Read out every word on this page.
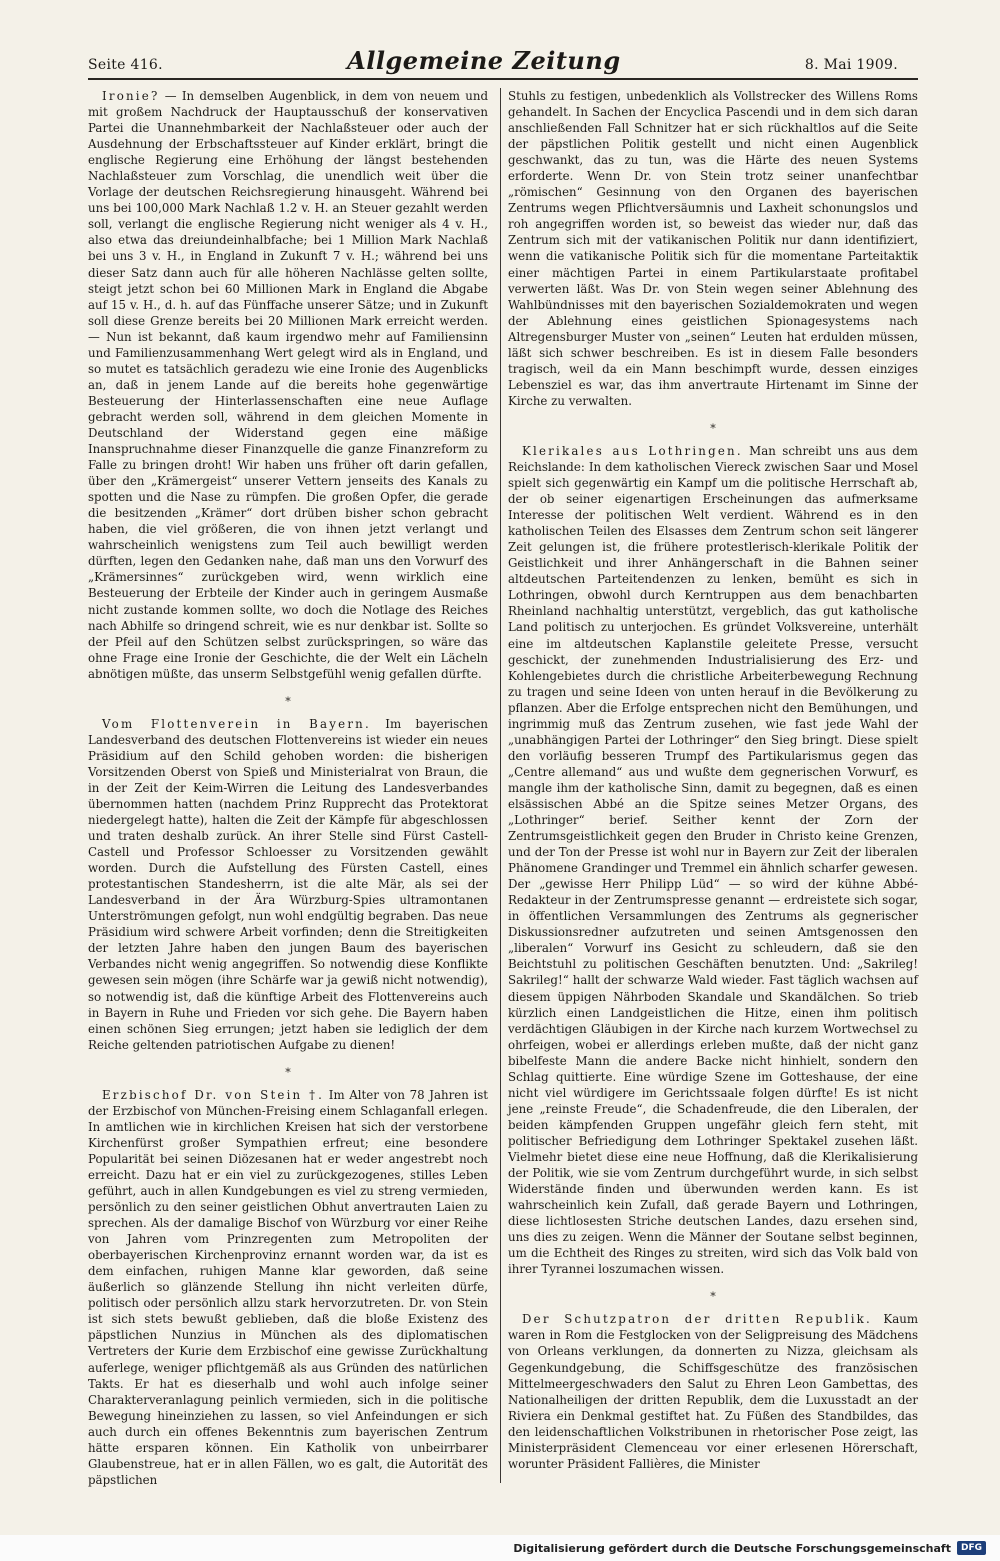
Seite 416.	Allgemeine Zeitung	8. Mai 1909.

Ironie? — In demselben Augenblick, in dem von neuem und mit großem Nachdruck der Hauptausschuß der konservativen Partei die Unannehmbarkeit der Nachlaßsteuer oder auch der Ausdehnung der Erbschaftssteuer auf Kinder erklärt, bringt die englische Regierung eine Erhöhung der längst bestehenden Nachlaßsteuer zum Vorschlag, die unendlich weit über die Vorlage der deutschen Reichsregierung hinausgeht. Während bei uns bei 100,000 Mark Nachlaß 1.2 v. H. an Steuer gezahlt werden soll, verlangt die englische Regierung nicht weniger als 4 v. H., also etwa das dreiundeinhalbfache; bei 1 Million Mark Nachlaß bei uns 3 v. H., in England in Zukunft 7 v. H.; während bei uns dieser Satz dann auch für alle höheren Nachlässe gelten sollte, steigt jetzt schon bei 60 Millionen Mark in England die Abgabe auf 15 v. H., d. h. auf das Fünffache unserer Sätze; und in Zukunft soll diese Grenze bereits bei 20 Millionen Mark erreicht werden. — Nun ist bekannt, daß kaum irgendwo mehr auf Familiensinn und Familienzusammenhang Wert gelegt wird als in England, und so mutet es tatsächlich geradezu wie eine Ironie des Augenblicks an, daß in jenem Lande auf die bereits hohe gegenwärtige Besteuerung der Hinterlassenschaften eine neue Auflage gebracht werden soll, während in dem gleichen Momente in Deutschland der Widerstand gegen eine mäßige Inanspruchnahme dieser Finanzquelle die ganze Finanzreform zu Falle zu bringen droht! Wir haben uns früher oft darin gefallen, über den „Krämergeist“ unserer Vettern jenseits des Kanals zu spotten und die Nase zu rümpfen. Die großen Opfer, die gerade die besitzenden „Krämer“ dort drüben bisher schon gebracht haben, die viel größeren, die von ihnen jetzt verlangt und wahrscheinlich wenigstens zum Teil auch bewilligt werden dürften, legen den Gedanken nahe, daß man uns den Vorwurf des „Krämersinnes“ zurückgeben wird, wenn wirklich eine Besteuerung der Erbteile der Kinder auch in geringem Ausmaße nicht zustande kommen sollte, wo doch die Notlage des Reiches nach Abhilfe so dringend schreit, wie es nur denkbar ist. Sollte so der Pfeil auf den Schützen selbst zurückspringen, so wäre das ohne Frage eine Ironie der Geschichte, die der Welt ein Lächeln abnötigen müßte, das unserm Selbstgefühl wenig gefallen dürfte.

*

Vom Flottenverein in Bayern. Im bayerischen Landesverband des deutschen Flottenvereins ist wieder ein neues Präsidium auf den Schild gehoben worden: die bisherigen Vorsitzenden Oberst von Spieß und Ministerialrat von Braun, die in der Zeit der Keim-Wirren die Leitung des Landesverbandes übernommen hatten (nachdem Prinz Rupprecht das Protektorat niedergelegt hatte), halten die Zeit der Kämpfe für abgeschlossen und traten deshalb zurück. An ihrer Stelle sind Fürst Castell-Castell und Professor Schloesser zu Vorsitzenden gewählt worden. Durch die Aufstellung des Fürsten Castell, eines protestantischen Standesherrn, ist die alte Mär, als sei der Landesverband in der Ära Würzburg-Spies ultramontanen Unterströmungen gefolgt, nun wohl endgültig begraben. Das neue Präsidium wird schwere Arbeit vorfinden; denn die Streitigkeiten der letzten Jahre haben den jungen Baum des bayerischen Verbandes nicht wenig angegriffen. So notwendig diese Konflikte gewesen sein mögen (ihre Schärfe war ja gewiß nicht notwendig), so notwendig ist, daß die künftige Arbeit des Flottenvereins auch in Bayern in Ruhe und Frieden vor sich gehe. Die Bayern haben einen schönen Sieg errungen; jetzt haben sie lediglich der dem Reiche geltenden patriotischen Aufgabe zu dienen!

*

Erzbischof Dr. von Stein †. Im Alter von 78 Jahren ist der Erzbischof von München-Freising einem Schlaganfall erlegen. In amtlichen wie in kirchlichen Kreisen hat sich der verstorbene Kirchenfürst großer Sympathien erfreut; eine besondere Popularität bei seinen Diözesanen hat er weder angestrebt noch erreicht. Dazu hat er ein viel zu zurückgezogenes, stilles Leben geführt, auch in allen Kundgebungen es viel zu streng vermieden, persönlich zu den seiner geistlichen Obhut anvertrauten Laien zu sprechen. Als der damalige Bischof von Würzburg vor einer Reihe von Jahren vom Prinzregenten zum Metropoliten der oberbayerischen Kirchenprovinz ernannt worden war, da ist es dem einfachen, ruhigen Manne klar geworden, daß seine äußerlich so glänzende Stellung ihn nicht verleiten dürfe, politisch oder persönlich allzu stark hervorzutreten. Dr. von Stein ist sich stets bewußt geblieben, daß die bloße Existenz des päpstlichen Nunzius in München als des diplomatischen Vertreters der Kurie dem Erzbischof eine gewisse Zurückhaltung auferlege, weniger pflichtgemäß als aus Gründen des natürlichen Takts. Er hat es dieserhalb und wohl auch infolge seiner Charakterveranlagung peinlich vermieden, sich in die politische Bewegung hineinziehen zu lassen, so viel Anfeindungen er sich auch durch ein offenes Bekenntnis zum bayerischen Zentrum hätte ersparen können. Ein Katholik von unbeirrbarer Glaubenstreue, hat er in allen Fällen, wo es galt, die Autorität des päpstlichen

Stuhls zu festigen, unbedenklich als Vollstrecker des Willens Roms gehandelt. In Sachen der Encyclica Pascendi und in dem sich daran anschließenden Fall Schnitzer hat er sich rückhaltlos auf die Seite der päpstlichen Politik gestellt und nicht einen Augenblick geschwankt, das zu tun, was die Härte des neuen Systems erforderte. Wenn Dr. von Stein trotz seiner unanfechtbar „römischen“ Gesinnung von den Organen des bayerischen Zentrums wegen Pflichtversäumnis und Laxheit schonungslos und roh angegriffen worden ist, so beweist das wieder nur, daß das Zentrum sich mit der vatikanischen Politik nur dann identifiziert, wenn die vatikanische Politik sich für die momentane Parteitaktik einer mächtigen Partei in einem Partikularstaate profitabel verwerten läßt. Was Dr. von Stein wegen seiner Ablehnung des Wahlbündnisses mit den bayerischen Sozialdemokraten und wegen der Ablehnung eines geistlichen Spionagesystems nach Altregensburger Muster von „seinen“ Leuten hat erdulden müssen, läßt sich schwer beschreiben. Es ist in diesem Falle besonders tragisch, weil da ein Mann beschimpft wurde, dessen einziges Lebensziel es war, das ihm anvertraute Hirtenamt im Sinne der Kirche zu verwalten.

*

Klerikales aus Lothringen. Man schreibt uns aus dem Reichslande: In dem katholischen Viereck zwischen Saar und Mosel spielt sich gegenwärtig ein Kampf um die politische Herrschaft ab, der ob seiner eigenartigen Erscheinungen das aufmerksame Interesse der politischen Welt verdient. Während es in den katholischen Teilen des Elsasses dem Zentrum schon seit längerer Zeit gelungen ist, die frühere protestlerisch-klerikale Politik der Geistlichkeit und ihrer Anhängerschaft in die Bahnen seiner altdeutschen Parteitendenzen zu lenken, bemüht es sich in Lothringen, obwohl durch Kerntruppen aus dem benachbarten Rheinland nachhaltig unterstützt, vergeblich, das gut katholische Land politisch zu unterjochen. Es gründet Volksvereine, unterhält eine im altdeutschen Kaplanstile geleitete Presse, versucht geschickt, der zunehmenden Industrialisierung des Erz- und Kohlengebietes durch die christliche Arbeiterbewegung Rechnung zu tragen und seine Ideen von unten herauf in die Bevölkerung zu pflanzen. Aber die Erfolge entsprechen nicht den Bemühungen, und ingrimmig muß das Zentrum zusehen, wie fast jede Wahl der „unabhängigen Partei der Lothringer“ den Sieg bringt. Diese spielt den vorläufig besseren Trumpf des Partikularismus gegen das „Centre allemand“ aus und wußte dem gegnerischen Vorwurf, es mangle ihm der katholische Sinn, damit zu begegnen, daß es einen elsässischen Abbé an die Spitze seines Metzer Organs, des „Lothringer“ berief. Seither kennt der Zorn der Zentrumsgeistlichkeit gegen den Bruder in Christo keine Grenzen, und der Ton der Presse ist wohl nur in Bayern zur Zeit der liberalen Phänomene Grandinger und Tremmel ein ähnlich scharfer gewesen. Der „gewisse Herr Philipp Lüd“ — so wird der kühne Abbé-Redakteur in der Zentrumspresse genannt — erdreistete sich sogar, in öffentlichen Versammlungen des Zentrums als gegnerischer Diskussionsredner aufzutreten und seinen Amtsgenossen den „liberalen“ Vorwurf ins Gesicht zu schleudern, daß sie den Beichtstuhl zu politischen Geschäften benutzten. Und: „Sakrileg! Sakrileg!“ hallt der schwarze Wald wieder. Fast täglich wachsen auf diesem üppigen Nährboden Skandale und Skandälchen. So trieb kürzlich einen Landgeistlichen die Hitze, einen ihm politisch verdächtigen Gläubigen in der Kirche nach kurzem Wortwechsel zu ohrfeigen, wobei er allerdings erleben mußte, daß der nicht ganz bibelfeste Mann die andere Backe nicht hinhielt, sondern den Schlag quittierte. Eine würdige Szene im Gotteshause, der eine nicht viel würdigere im Gerichtssaale folgen dürfte! Es ist nicht jene „reinste Freude“, die Schadenfreude, die den Liberalen, der beiden kämpfenden Gruppen ungefähr gleich fern steht, mit politischer Befriedigung dem Lothringer Spektakel zusehen läßt. Vielmehr bietet diese eine neue Hoffnung, daß die Klerikalisierung der Politik, wie sie vom Zentrum durchgeführt wurde, in sich selbst Widerstände finden und überwunden werden kann. Es ist wahrscheinlich kein Zufall, daß gerade Bayern und Lothringen, diese lichtlosesten Striche deutschen Landes, dazu ersehen sind, uns dies zu zeigen. Wenn die Männer der Soutane selbst beginnen, um die Echtheit des Ringes zu streiten, wird sich das Volk bald von ihrer Tyrannei loszumachen wissen.

*

Der Schutzpatron der dritten Republik. Kaum waren in Rom die Festglocken von der Seligpreisung des Mädchens von Orleans verklungen, da donnerten zu Nizza, gleichsam als Gegenkundgebung, die Schiffsgeschütze des französischen Mittelmeergeschwaders den Salut zu Ehren Leon Gambettas, des Nationalheiligen der dritten Republik, dem die Luxusstadt an der Riviera ein Denkmal gestiftet hat. Zu Füßen des Standbildes, das den leidenschaftlichen Volkstribunen in rhetorischer Pose zeigt, las Ministerpräsident Clemenceau vor einer erlesenen Hörerschaft, worunter Präsident Fallières, die Minister

Digitalisierung gefördert durch die Deutsche Forschungsgemeinschaft	DFG
